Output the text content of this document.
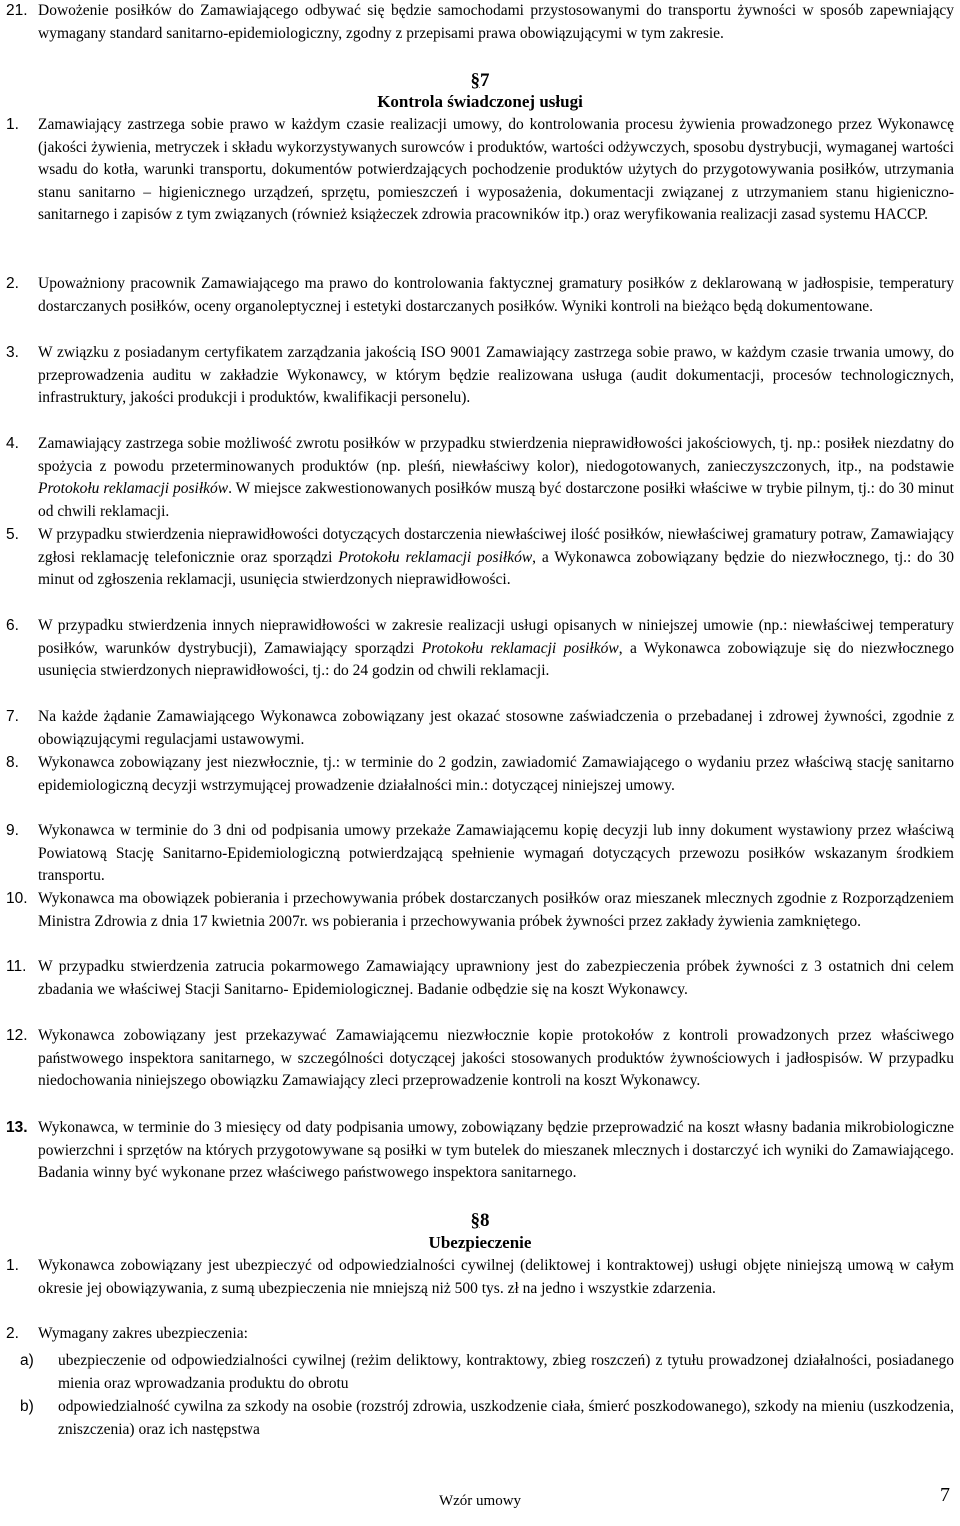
21. Dowożenie posiłków do Zamawiającego odbywać się będzie samochodami przystosowanymi do transportu żywności w sposób zapewniający wymagany standard sanitarno-epidemiologiczny, zgodny z przepisami prawa obowiązującymi w tym zakresie.
§7
Kontrola świadczonej usługi
1.	Zamawiający zastrzega sobie prawo w każdym czasie realizacji umowy, do kontrolowania procesu żywienia prowadzonego przez Wykonawcę (jakości żywienia, metryczek i składu wykorzystywanych surowców i produktów, wartości odżywczych, sposobu dystrybucji, wymaganej wartości wsadu do kotła, warunki transportu, dokumentów potwierdzających pochodzenie produktów użytych do przygotowywania posiłków, utrzymania stanu sanitarno – higienicznego urządzeń, sprzętu, pomieszczeń i wyposażenia, dokumentacji związanej z utrzymaniem stanu higieniczno- sanitarnego i zapisów z tym związanych (również książeczek zdrowia pracowników itp.) oraz weryfikowania realizacji zasad systemu HACCP.
2.	Upoważniony pracownik Zamawiającego ma prawo do kontrolowania faktycznej gramatury posiłków z deklarowaną w jadłospisie, temperatury dostarczanych posiłków, oceny organoleptycznej i estetyki dostarczanych posiłków. Wyniki kontroli na bieżąco będą dokumentowane.
3.	W związku z posiadanym certyfikatem zarządzania jakością ISO 9001 Zamawiający zastrzega sobie prawo, w każdym czasie trwania umowy, do przeprowadzenia auditu w zakładzie Wykonawcy, w którym będzie realizowana usługa (audit dokumentacji, procesów technologicznych, infrastruktury, jakości produkcji i produktów, kwalifikacji personelu).
4.	Zamawiający zastrzega sobie możliwość zwrotu posiłków w przypadku stwierdzenia nieprawidłowości jakościowych, tj. np.: posiłek niezdatny do spożycia z powodu przeterminowanych produktów (np. pleśń, niewłaściwy kolor), niedogotowanych, zanieczyszczonych, itp., na podstawie Protokołu reklamacji posiłków. W miejsce zakwestionowanych posiłków muszą być dostarczone posiłki właściwe w trybie pilnym, tj.: do 30 minut od chwili reklamacji.
5.	W przypadku stwierdzenia nieprawidłowości dotyczących dostarczenia niewłaściwej ilość posiłków, niewłaściwej gramatury potraw, Zamawiający zgłosi reklamację telefonicznie oraz sporządzi Protokołu reklamacji posiłków, a Wykonawca zobowiązany będzie do niezwłocznego, tj.: do 30 minut od zgłoszenia reklamacji, usunięcia stwierdzonych nieprawidłowości.
6.	W przypadku stwierdzenia innych nieprawidłowości w zakresie realizacji usługi opisanych w niniejszej umowie (np.: niewłaściwej temperatury posiłków, warunków dystrybucji), Zamawiający sporządzi Protokołu reklamacji posiłków, a Wykonawca zobowiązuje się do niezwłocznego usunięcia stwierdzonych nieprawidłowości, tj.: do 24 godzin od chwili reklamacji.
7.	Na każde żądanie Zamawiającego Wykonawca zobowiązany jest okazać stosowne zaświadczenia o przebadanej i zdrowej żywności, zgodnie z obowiązującymi regulacjami ustawowymi.
8.	Wykonawca zobowiązany jest niezwłocznie, tj.: w terminie do 2 godzin, zawiadomić Zamawiającego o wydaniu przez właściwą stację sanitarno epidemiologiczną decyzji wstrzymującej prowadzenie działalności min.: dotyczącej niniejszej umowy.
9.	Wykonawca w terminie do 3 dni od podpisania umowy przekaże Zamawiającemu kopię decyzji lub inny dokument wystawiony przez właściwą Powiatową Stację Sanitarno-Epidemiologiczną potwierdzającą spełnienie wymagań dotyczących przewozu posiłków wskazanym środkiem transportu.
10. Wykonawca ma obowiązek pobierania i przechowywania próbek dostarczanych posiłków oraz mieszanek mlecznych zgodnie z Rozporządzeniem Ministra Zdrowia z dnia 17 kwietnia 2007r. ws pobierania i przechowywania próbek żywności przez zakłady żywienia zamkniętego.
11. W przypadku stwierdzenia zatrucia pokarmowego Zamawiający uprawniony jest do zabezpieczenia próbek żywności z 3 ostatnich dni celem zbadania we właściwej Stacji Sanitarno- Epidemiologicznej. Badanie odbędzie się na koszt Wykonawcy.
12. Wykonawca zobowiązany jest przekazywać Zamawiającemu niezwłocznie kopie protokołów z kontroli prowadzonych przez właściwego państwowego inspektora sanitarnego, w szczególności dotyczącej jakości stosowanych produktów żywnościowych i jadłospisów. W przypadku niedochowania niniejszego obowiązku Zamawiający zleci przeprowadzenie kontroli na koszt Wykonawcy.
13. Wykonawca, w terminie do 3 miesięcy od daty podpisania umowy, zobowiązany będzie przeprowadzić na koszt własny badania mikrobiologiczne powierzchni i sprzętów na których przygotowywane są posiłki w tym butelek do mieszanek mlecznych i dostarczyć ich wyniki do Zamawiającego. Badania winny być wykonane przez właściwego państwowego inspektora sanitarnego.
§8
Ubezpieczenie
1.	Wykonawca zobowiązany jest ubezpieczyć od odpowiedzialności cywilnej (deliktowej i kontraktowej) usługi objęte niniejszą umową w całym okresie jej obowiązywania, z sumą ubezpieczenia nie mniejszą niż 500 tys. zł na jedno i wszystkie zdarzenia.
2.	Wymagany zakres ubezpieczenia:
a)	ubezpieczenie od odpowiedzialności cywilnej (reżim deliktowy, kontraktowy, zbieg roszczeń) z tytułu prowadzonej działalności, posiadanego mienia oraz wprowadzania produktu do obrotu
b)	odpowiedzialność cywilna za szkody na osobie (rozstrój zdrowia, uszkodzenie ciała, śmierć poszkodowanego), szkody na mieniu (uszkodzenia, zniszczenia) oraz ich następstwa
Wzór umowy	7
